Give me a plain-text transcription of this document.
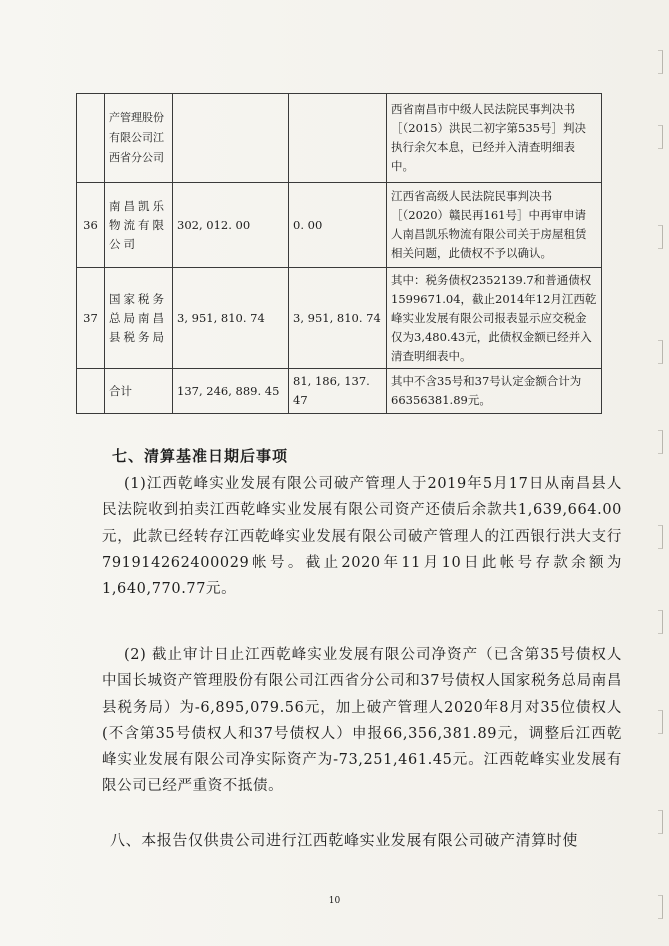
	产管理股份有限公司江西省分公司			西省南昌市中级人民法院民事判决书［（2015）洪民二初字第535号］判决执行余欠本息，已经并入清查明细表中。
36	南昌凯乐物流有限公司	302, 012. 00	0. 00	江西省高级人民法院民事判决书［（2020）赣民再161号］中再审申请人南昌凯乐物流有限公司关于房屋租赁相关问题，此债权不予以确认。
37	国家税务总局南昌县税务局	3, 951, 810. 74	3, 951, 810. 74	其中：税务债权2352139.7和普通债权1599671.04，截止2014年12月江西乾峰实业发展有限公司报表显示应交税金仅为3,480.43元，此债权金额已经并入清查明细表中。
	合计	137, 246, 889. 45	81, 186, 137. 47	其中不含35号和37号认定金额合计为66356381.89元。
七、清算基准日期后事项

(1)江西乾峰实业发展有限公司破产管理人于2019年5月17日从南昌县人民法院收到拍卖江西乾峰实业发展有限公司资产还债后余款共1,639,664.00元，此款已经转存江西乾峰实业发展有限公司破产管理人的江西银行洪大支行791914262400029帐号。截止2020年11月10日此帐号存款余额为1,640,770.77元。

(2) 截止审计日止江西乾峰实业发展有限公司净资产（已含第35号债权人中国长城资产管理股份有限公司江西省分公司和37号债权人国家税务总局南昌县税务局）为-6,895,079.56元，加上破产管理人2020年8月对35位债权人(不含第35号债权人和37号债权人）申报66,356,381.89元，调整后江西乾峰实业发展有限公司净实际资产为-73,251,461.45元。江西乾峰实业发展有限公司已经严重资不抵债。

八、本报告仅供贵公司进行江西乾峰实业发展有限公司破产清算时使
10
